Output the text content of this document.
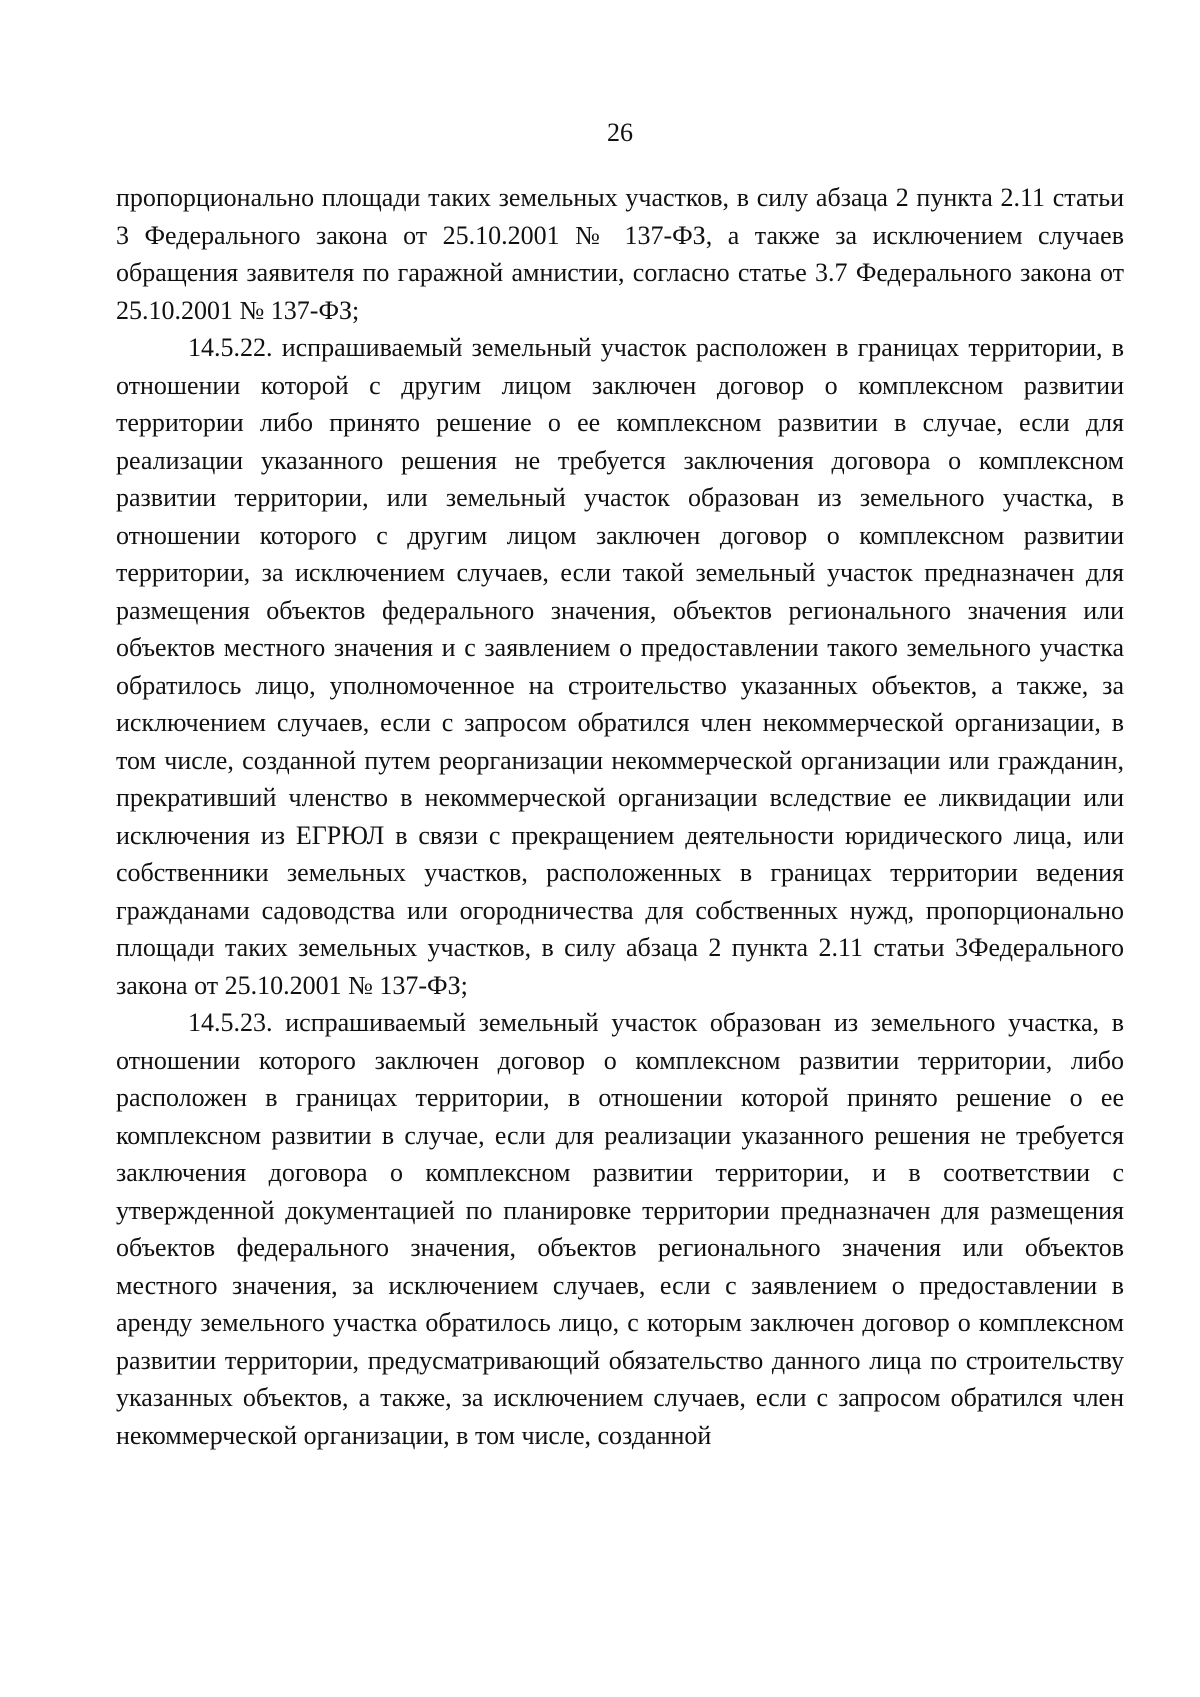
26

пропорционально площади таких земельных участков, в силу абзаца 2 пункта 2.11 статьи 3 Федерального закона от 25.10.2001 № 137-ФЗ, а также за исключением случаев обращения заявителя по гаражной амнистии, согласно статье 3.7 Федерального закона от 25.10.2001 № 137-ФЗ;

14.5.22. испрашиваемый земельный участок расположен в границах территории, в отношении которой с другим лицом заключен договор о комплексном развитии территории либо принято решение о ее комплексном развитии в случае, если для реализации указанного решения не требуется заключения договора о комплексном развитии территории, или земельный участок образован из земельного участка, в отношении которого с другим лицом заключен договор о комплексном развитии территории, за исключением случаев, если такой земельный участок предназначен для размещения объектов федерального значения, объектов регионального значения или объектов местного значения и с заявлением о предоставлении такого земельного участка обратилось лицо, уполномоченное на строительство указанных объектов, а также, за исключением случаев, если с запросом обратился член некоммерческой организации, в том числе, созданной путем реорганизации некоммерческой организации или гражданин, прекративший членство в некоммерческой организации вследствие ее ликвидации или исключения из ЕГРЮЛ в связи с прекращением деятельности юридического лица, или собственники земельных участков, расположенных в границах территории ведения гражданами садоводства или огородничества для собственных нужд, пропорционально площади таких земельных участков, в силу абзаца 2 пункта 2.11 статьи 3Федерального закона от 25.10.2001 № 137-ФЗ;

14.5.23. испрашиваемый земельный участок образован из земельного участка, в отношении которого заключен договор о комплексном развитии территории, либо расположен в границах территории, в отношении которой принято решение о ее комплексном развитии в случае, если для реализации указанного решения не требуется заключения договора о комплексном развитии территории, и в соответствии с утвержденной документацией по планировке территории предназначен для размещения объектов федерального значения, объектов регионального значения или объектов местного значения, за исключением случаев, если с заявлением о предоставлении в аренду земельного участка обратилось лицо, с которым заключен договор о комплексном развитии территории, предусматривающий обязательство данного лица по строительству указанных объектов, а также, за исключением случаев, если с запросом обратился член некоммерческой организации, в том числе, созданной
